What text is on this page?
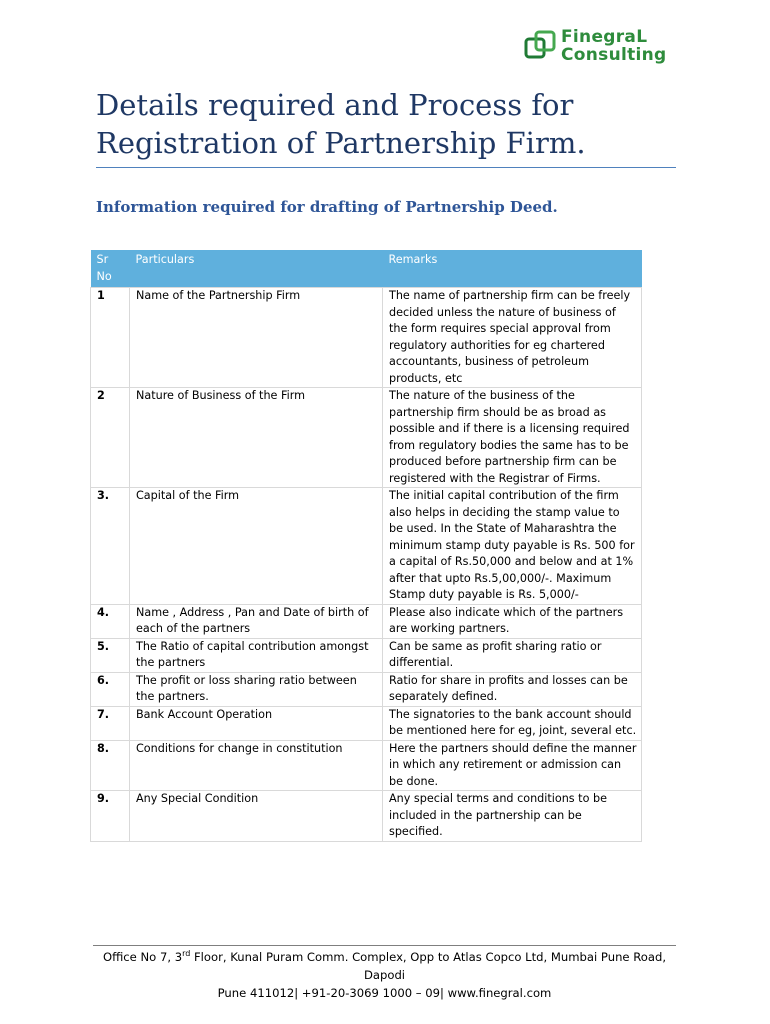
FinegraL
Consulting
Details required and Process for Registration of Partnership Firm.
Information required for drafting of Partnership Deed.
Sr No	Particulars	Remarks
1	Name of the Partnership Firm	The name of partnership firm can be freely decided unless the nature of business of the form requires special approval from regulatory authorities for eg chartered accountants, business of petroleum products, etc
2	Nature of Business of the Firm	The nature of the business of the partnership firm should be as broad as possible and if there is a licensing required from regulatory bodies the same has to be produced before partnership firm can be registered with the Registrar of Firms.
3.	Capital of the Firm	The initial capital contribution of the firm also helps in deciding the stamp value to be used. In the State of Maharashtra the minimum stamp duty payable is Rs. 500 for a capital of Rs.50,000 and below and at 1% after that upto Rs.5,00,000/-. Maximum Stamp duty payable is Rs. 5,000/-
4.	Name , Address , Pan and Date of birth of each of the partners	Please also indicate which of the partners are working partners.
5.	The Ratio of capital contribution amongst the partners	Can be same as profit sharing ratio or differential.
6.	The profit or loss sharing ratio between the partners.	Ratio for share in profits and losses can be separately defined.
7.	Bank Account Operation	The signatories to the bank account should be mentioned here for eg, joint, several etc.
8.	Conditions for change in constitution	Here the partners should define the manner in which any retirement or admission can be done.
9.	Any Special Condition	Any special terms and conditions to be included in the partnership can be specified.
Office No 7, 3rd Floor, Kunal Puram Comm. Complex, Opp to Atlas Copco Ltd, Mumbai Pune Road, Dapodi
Pune 411012| +91-20-3069 1000 – 09| www.finegral.com
